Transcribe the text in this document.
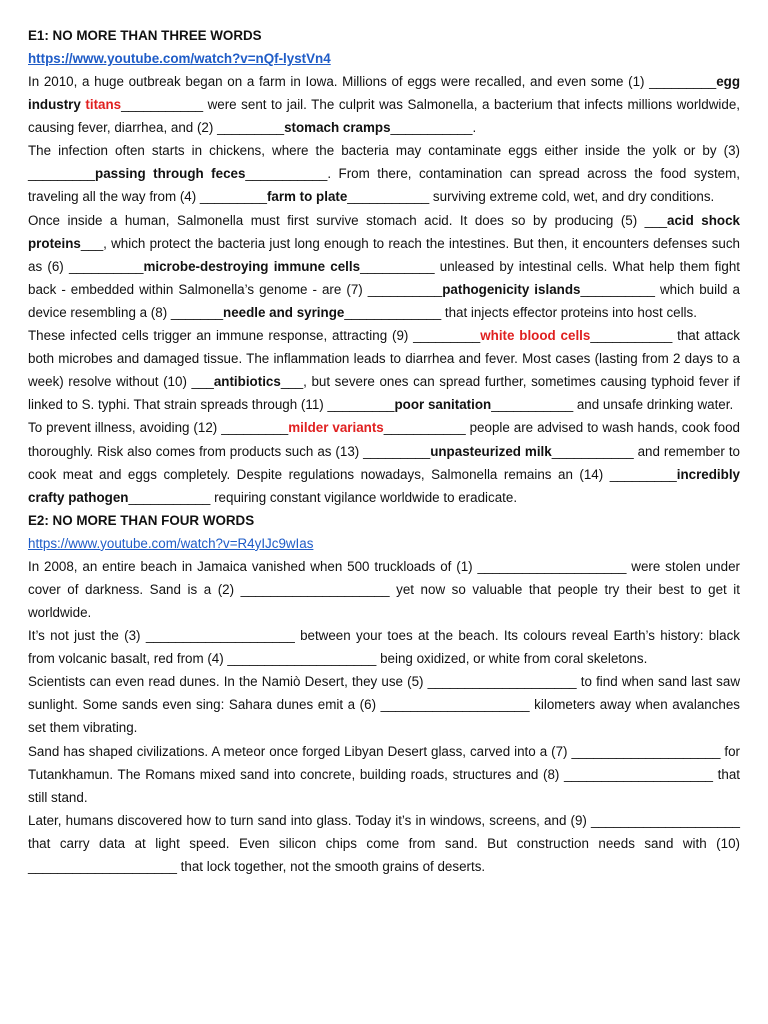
E1: NO MORE THAN THREE WORDS

https://www.youtube.com/watch?v=nQf-lystVn4

In 2010, a huge outbreak began on a farm in Iowa. Millions of eggs were recalled, and even some (1) _________egg industry titans___________ were sent to jail. The culprit was Salmonella, a bacterium that infects millions worldwide, causing fever, diarrhea, and (2) _________stomach cramps___________.

The infection often starts in chickens, where the bacteria may contaminate eggs either inside the yolk or by (3) _________passing through feces___________. From there, contamination can spread across the food system, traveling all the way from (4) _________farm to plate___________ surviving extreme cold, wet, and dry conditions.

Once inside a human, Salmonella must first survive stomach acid. It does so by producing (5) ___acid shock proteins___, which protect the bacteria just long enough to reach the intestines. But then, it encounters defenses such as (6) __________microbe-destroying immune cells__________ unleased by intestinal cells. What help them fight back - embedded within Salmonella’s genome - are (7) __________pathogenicity islands__________ which build a device resembling a (8) _______needle and syringe_____________ that injects effector proteins into host cells.

These infected cells trigger an immune response, attracting (9) _________white blood cells___________ that attack both microbes and damaged tissue. The inflammation leads to diarrhea and fever. Most cases (lasting from 2 days to a week) resolve without (10) ___antibiotics___, but severe ones can spread further, sometimes causing typhoid fever if linked to S. typhi. That strain spreads through (11) _________poor sanitation___________ and unsafe drinking water.

To prevent illness, avoiding (12) _________milder variants___________ people are advised to wash hands, cook food thoroughly. Risk also comes from products such as (13) _________unpasteurized milk___________ and remember to cook meat and eggs completely. Despite regulations nowadays, Salmonella remains an (14) _________incredibly crafty pathogen___________ requiring constant vigilance worldwide to eradicate.

E2: NO MORE THAN FOUR WORDS

https://www.youtube.com/watch?v=R4yIJc9wIas

In 2008, an entire beach in Jamaica vanished when 500 truckloads of (1) ____________________ were stolen under cover of darkness. Sand is a (2) ____________________ yet now so valuable that people try their best to get it worldwide.

It’s not just the (3) ____________________ between your toes at the beach. Its colours reveal Earth’s history: black from volcanic basalt, red from (4) ____________________ being oxidized, or white from coral skeletons.

Scientists can even read dunes. In the Namiò Desert, they use (5) ____________________ to find when sand last saw sunlight. Some sands even sing: Sahara dunes emit a (6) ____________________ kilometers away when avalanches set them vibrating.

Sand has shaped civilizations. A meteor once forged Libyan Desert glass, carved into a (7) ____________________ for Tutankhamun. The Romans mixed sand into concrete, building roads, structures and (8) ____________________ that still stand.

Later, humans discovered how to turn sand into glass. Today it’s in windows, screens, and (9) ____________________ that carry data at light speed. Even silicon chips come from sand. But construction needs sand with (10) ____________________ that lock together, not the smooth grains of deserts.
